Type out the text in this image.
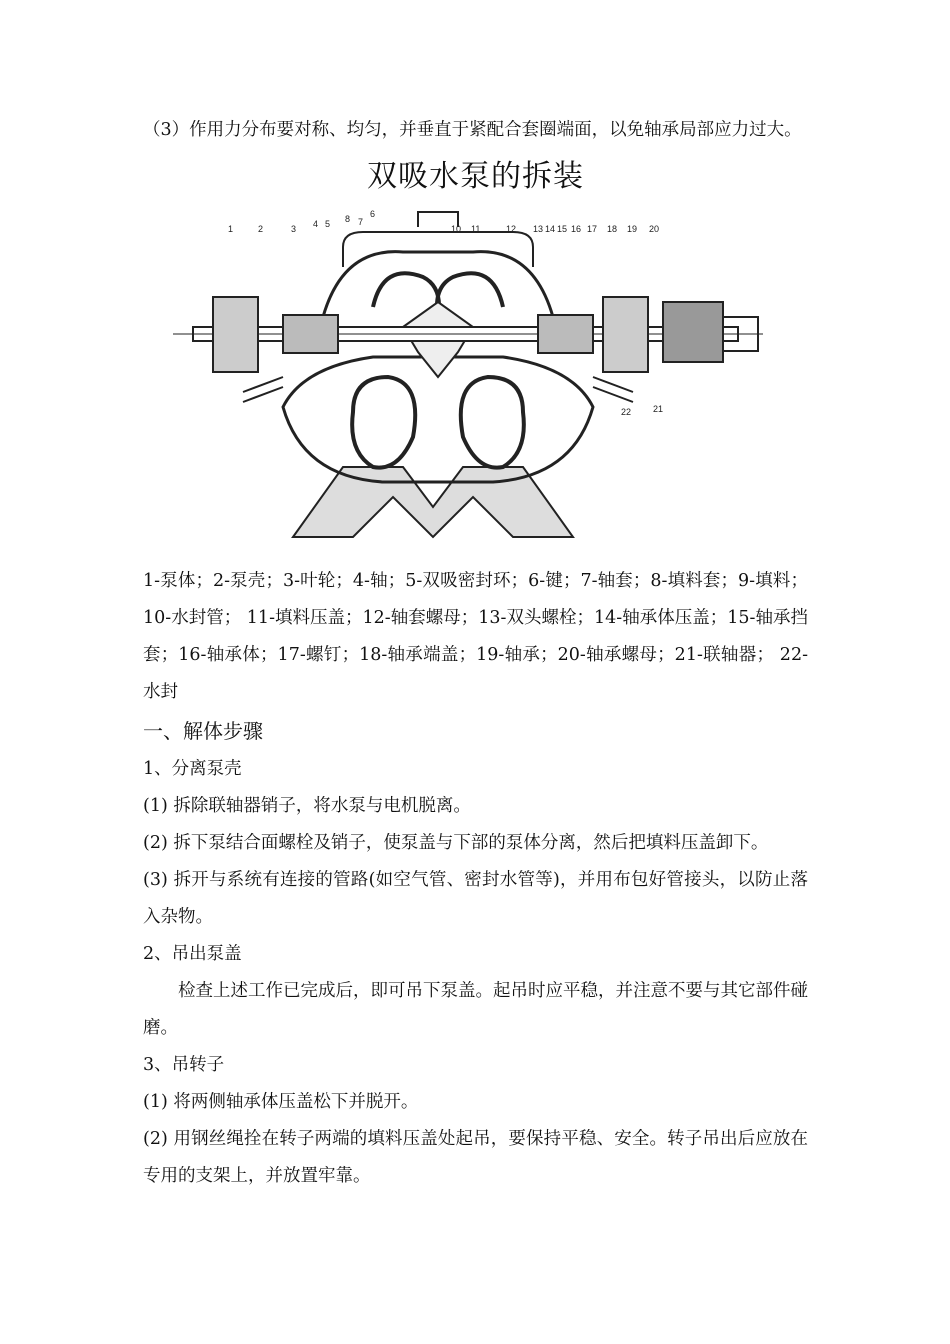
（3）作用力分布要对称、均匀，并垂直于紧配合套圈端面，以免轴承局部应力过大。

双吸水泵的拆装
1	2	3 4 5 8 7
6
10 11	12 13 14 15 16 17 18 19 20
22 21

1-泵体；2-泵壳；3-叶轮；4-轴；5-双吸密封环；6-键；7-轴套；8-填料套；9-填料；10-水封管； 11-填料压盖；12-轴套螺母；13-双头螺栓；14-轴承体压盖；15-轴承挡套；16-轴承体；17-螺钉；18-轴承端盖；19-轴承；20-轴承螺母；21-联轴器； 22-水封

一、解体步骤

1、分离泵壳

(1) 拆除联轴器销子，将水泵与电机脱离。

(2) 拆下泵结合面螺栓及销子，使泵盖与下部的泵体分离，然后把填料压盖卸下。

(3) 拆开与系统有连接的管路(如空气管、密封水管等)，并用布包好管接头，以防止落入杂物。

2、吊出泵盖

检查上述工作已完成后，即可吊下泵盖。起吊时应平稳，并注意不要与其它部件碰磨。

3、吊转子

(1) 将两侧轴承体压盖松下并脱开。

(2) 用钢丝绳拴在转子两端的填料压盖处起吊，要保持平稳、安全。转子吊出后应放在专用的支架上，并放置牢靠。
